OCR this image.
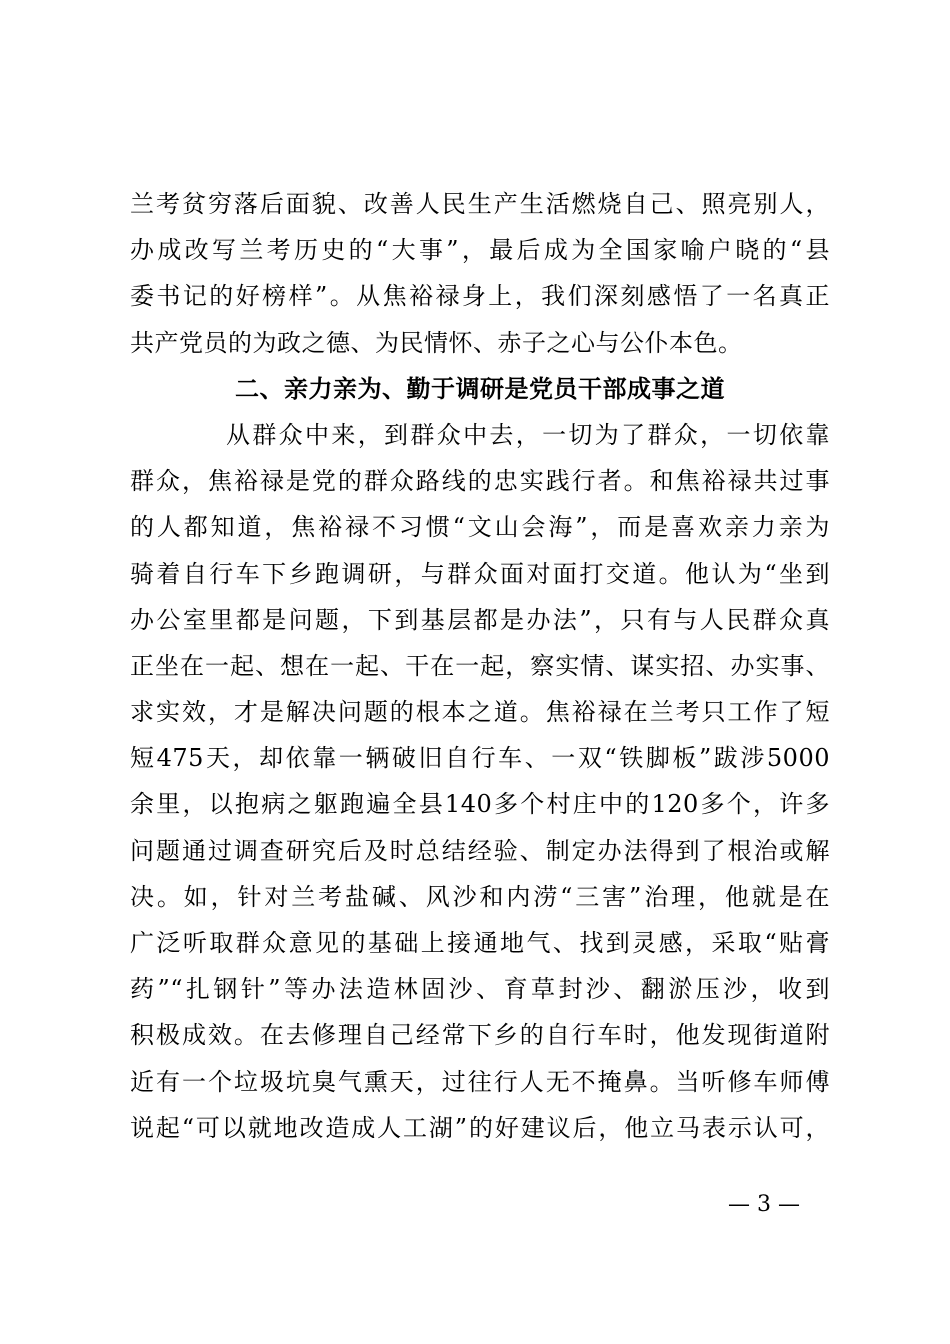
兰考贫穷落后面貌、改善人民生产生活燃烧自己、照亮别人，
办成改写兰考历史的“大事”，最后成为全国家喻户晓的“县
委书记的好榜样”。从焦裕禄身上，我们深刻感悟了一名真正
共产党员的为政之德、为民情怀、赤子之心与公仆本色。
二、亲力亲为、勤于调研是党员干部成事之道
从群众中来，到群众中去，一切为了群众，一切依靠
群众，焦裕禄是党的群众路线的忠实践行者。和焦裕禄共过事
的人都知道，焦裕禄不习惯“文山会海”，而是喜欢亲力亲为
骑着自行车下乡跑调研，与群众面对面打交道。他认为“坐到
办公室里都是问题，下到基层都是办法”，只有与人民群众真
正坐在一起、想在一起、干在一起，察实情、谋实招、办实事、
求实效，才是解决问题的根本之道。焦裕禄在兰考只工作了短
短475天，却依靠一辆破旧自行车、一双“铁脚板”跋涉5000
余里，以抱病之躯跑遍全县140多个村庄中的120多个，许多
问题通过调查研究后及时总结经验、制定办法得到了根治或解
决。如，针对兰考盐碱、风沙和内涝“三害”治理，他就是在
广泛听取群众意见的基础上接通地气、找到灵感，采取“贴膏
药”“扎钢针”等办法造林固沙、育草封沙、翻淤压沙，收到
积极成效。在去修理自己经常下乡的自行车时，他发现街道附
近有一个垃圾坑臭气熏天，过往行人无不掩鼻。当听修车师傅
说起“可以就地改造成人工湖”的好建议后，他立马表示认可，
— 3 —
